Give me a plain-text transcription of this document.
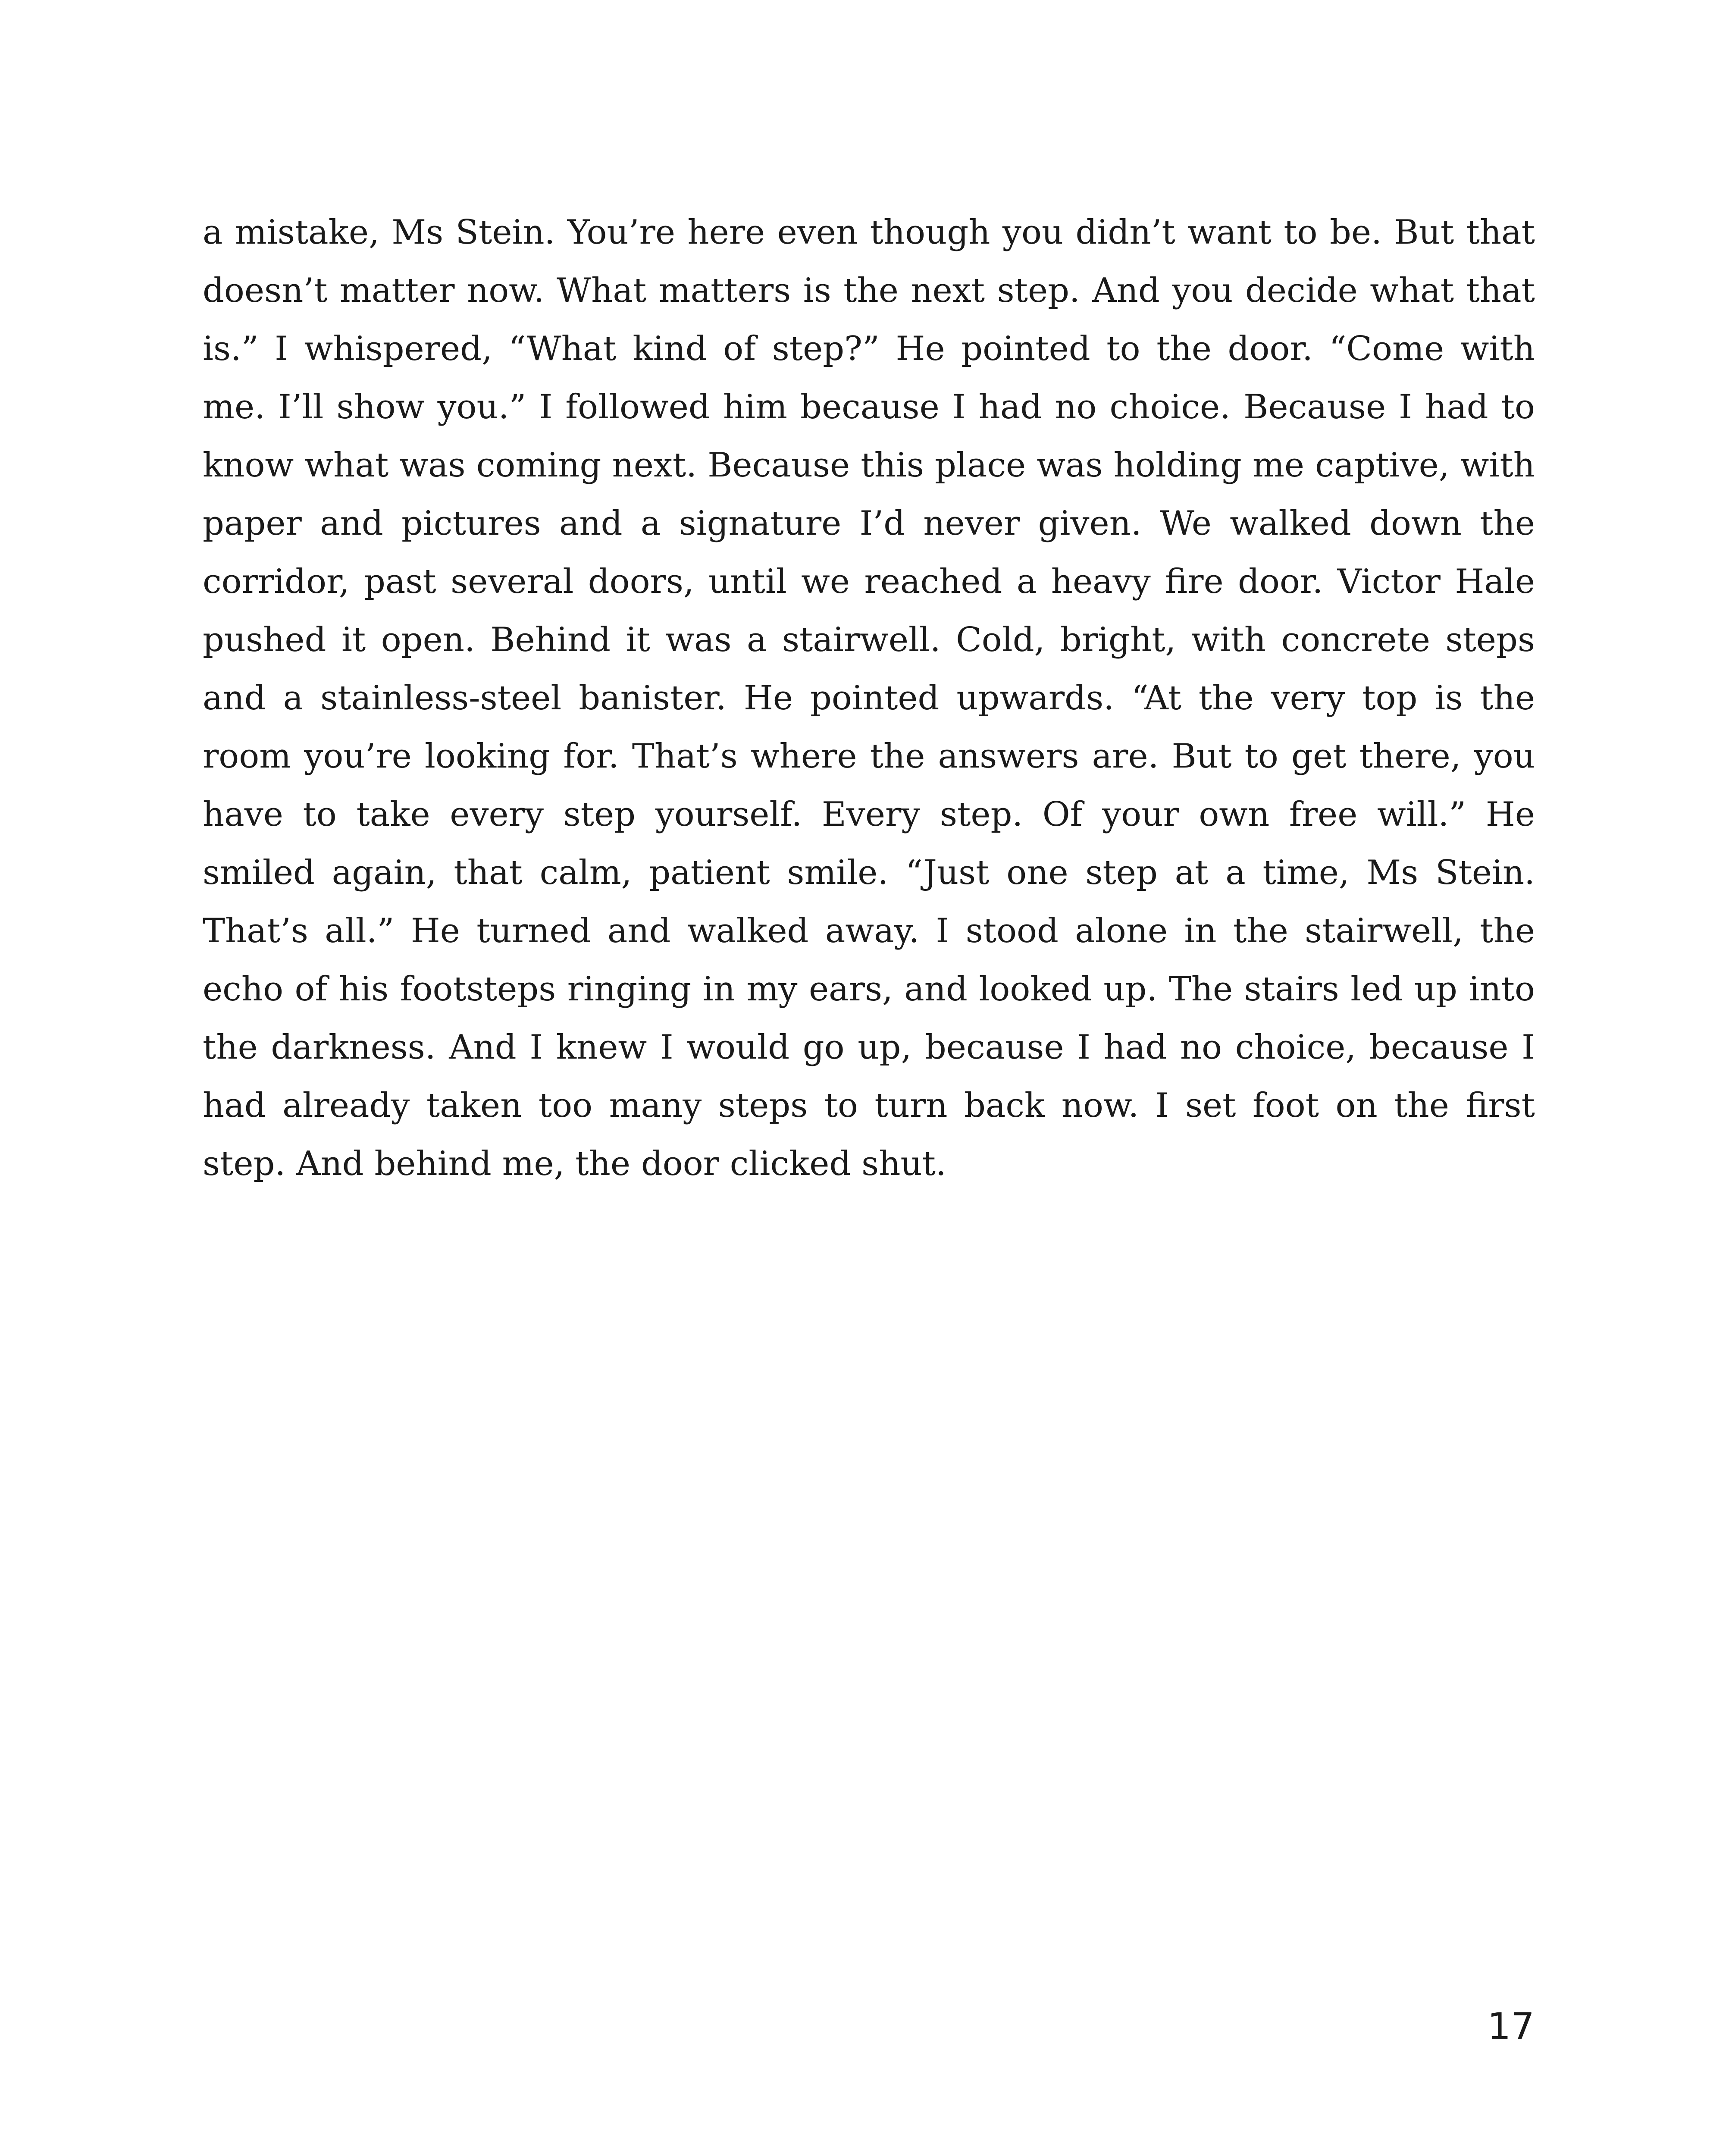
a mistake, Ms Stein. You’re here even though you didn’t want to be. But that doesn’t matter now. What matters is the next step. And you decide what that is.” I whispered, “What kind of step?” He pointed to the door. “Come with me. I’ll show you.” I followed him because I had no choice. Because I had to know what was coming next. Because this place was holding me captive, with paper and pictures and a signature I’d never given. We walked down the corridor, past several doors, until we reached a heavy fire door. Victor Hale pushed it open. Behind it was a stairwell. Cold, bright, with concrete steps and a stainless-steel banister. He pointed upwards. “At the very top is the room you’re looking for. That’s where the answers are. But to get there, you have to take every step yourself. Every step. Of your own free will.” He smiled again, that calm, patient smile. “Just one step at a time, Ms Stein. That’s all.” He turned and walked away. I stood alone in the stairwell, the echo of his footsteps ringing in my ears, and looked up. The stairs led up into the darkness. And I knew I would go up, because I had no choice, because I had already taken too many steps to turn back now. I set foot on the first step. And behind me, the door clicked shut.

17
